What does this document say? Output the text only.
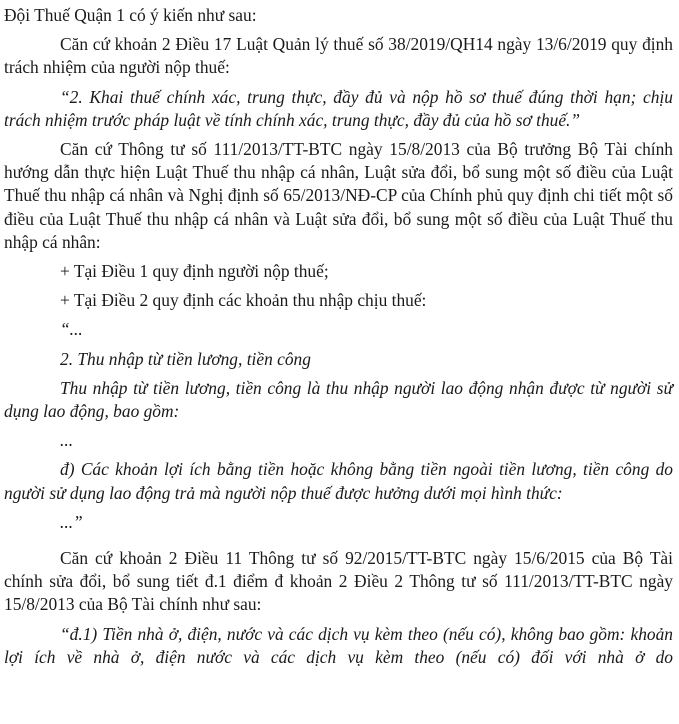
Đội Thuế Quận 1 có ý kiến như sau:

Căn cứ khoản 2 Điều 17 Luật Quản lý thuế số 38/2019/QH14 ngày 13/6/2019 quy định trách nhiệm của người nộp thuế:

“2. Khai thuế chính xác, trung thực, đầy đủ và nộp hồ sơ thuế đúng thời hạn; chịu trách nhiệm trước pháp luật về tính chính xác, trung thực, đầy đủ của hồ sơ thuế.”

Căn cứ Thông tư số 111/2013/TT-BTC ngày 15/8/2013 của Bộ trưởng Bộ Tài chính hướng dẫn thực hiện Luật Thuế thu nhập cá nhân, Luật sửa đổi, bổ sung một số điều của Luật Thuế thu nhập cá nhân và Nghị định số 65/2013/NĐ-CP của Chính phủ quy định chi tiết một số điều của Luật Thuế thu nhập cá nhân và Luật sửa đổi, bổ sung một số điều của Luật Thuế thu nhập cá nhân:

+ Tại Điều 1 quy định người nộp thuế;

+ Tại Điều 2 quy định các khoản thu nhập chịu thuế:

“...

2. Thu nhập từ tiền lương, tiền công

Thu nhập từ tiền lương, tiền công là thu nhập người lao động nhận được từ người sử dụng lao động, bao gồm:

...

đ) Các khoản lợi ích bằng tiền hoặc không bằng tiền ngoài tiền lương, tiền công do người sử dụng lao động trả mà người nộp thuế được hưởng dưới mọi hình thức:

...”

Căn cứ khoản 2 Điều 11 Thông tư số 92/2015/TT-BTC ngày 15/6/2015 của Bộ Tài chính sửa đổi, bổ sung tiết đ.1 điểm đ khoản 2 Điều 2 Thông tư số 111/2013/TT-BTC ngày 15/8/2013 của Bộ Tài chính như sau:

“đ.1) Tiền nhà ở, điện, nước và các dịch vụ kèm theo (nếu có), không bao gồm: khoản lợi ích về nhà ở, điện nước và các dịch vụ kèm theo (nếu có) đối với nhà ở do
